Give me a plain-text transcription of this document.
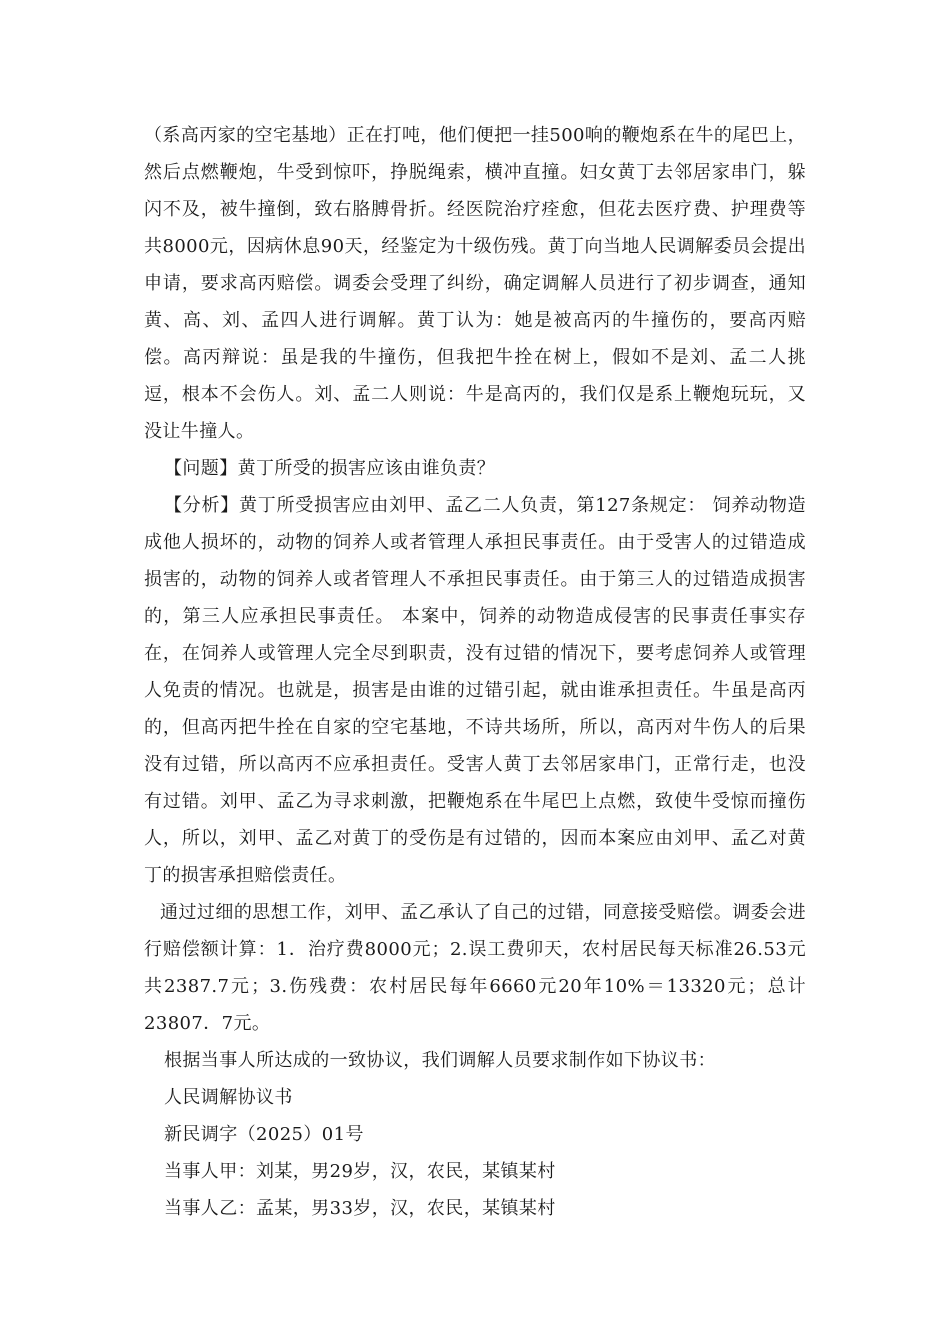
（系高丙家的空宅基地）正在打吨，他们便把一挂500响的鞭炮系在牛的尾巴上，然后点燃鞭炮，牛受到惊吓，挣脱绳索，横冲直撞。妇女黄丁去邻居家串门，躲闪不及，被牛撞倒，致右胳膊骨折。经医院治疗痊愈，但花去医疗费、护理费等共8000元，因病休息90天，经鉴定为十级伤残。黄丁向当地人民调解委员会提出申请，要求高丙赔偿。调委会受理了纠纷，确定调解人员进行了初步调查，通知黄、高、刘、孟四人进行调解。黄丁认为：她是被高丙的牛撞伤的，要高丙赔偿。高丙辩说：虽是我的牛撞伤，但我把牛拴在树上，假如不是刘、孟二人挑逗，根本不会伤人。刘、孟二人则说：牛是高丙的，我们仅是系上鞭炮玩玩，又没让牛撞人。

【问题】黄丁所受的损害应该由谁负责？

【分析】黄丁所受损害应由刘甲、孟乙二人负责，第127条规定： 饲养动物造成他人损坏的，动物的饲养人或者管理人承担民事责任。由于受害人的过错造成损害的，动物的饲养人或者管理人不承担民事责任。由于第三人的过错造成损害的，第三人应承担民事责任。 本案中，饲养的动物造成侵害的民事责任事实存在，在饲养人或管理人完全尽到职责，没有过错的情况下，要考虑饲养人或管理人免责的情况。也就是，损害是由谁的过错引起，就由谁承担责任。牛虽是高丙的，但高丙把牛拴在自家的空宅基地，不诗共场所，所以，高丙对牛伤人的后果没有过错，所以高丙不应承担责任。受害人黄丁去邻居家串门，正常行走，也没有过错。刘甲、孟乙为寻求刺激，把鞭炮系在牛尾巴上点燃，致使牛受惊而撞伤人，所以，刘甲、孟乙对黄丁的受伤是有过错的，因而本案应由刘甲、孟乙对黄丁的损害承担赔偿责任。

通过过细的思想工作，刘甲、孟乙承认了自己的过错，同意接受赔偿。调委会进行赔偿额计算：1．治疗费8000元；2.误工费卯天，农村居民每天标准26.53元共2387.7元；3.伤残费：农村居民每年6660元20年10%＝13320元；总计23807．7元。

根据当事人所达成的一致协议，我们调解人员要求制作如下协议书：

人民调解协议书

新民调字（2025）01号

当事人甲：刘某，男29岁，汉，农民，某镇某村

当事人乙：孟某，男33岁，汉，农民，某镇某村
